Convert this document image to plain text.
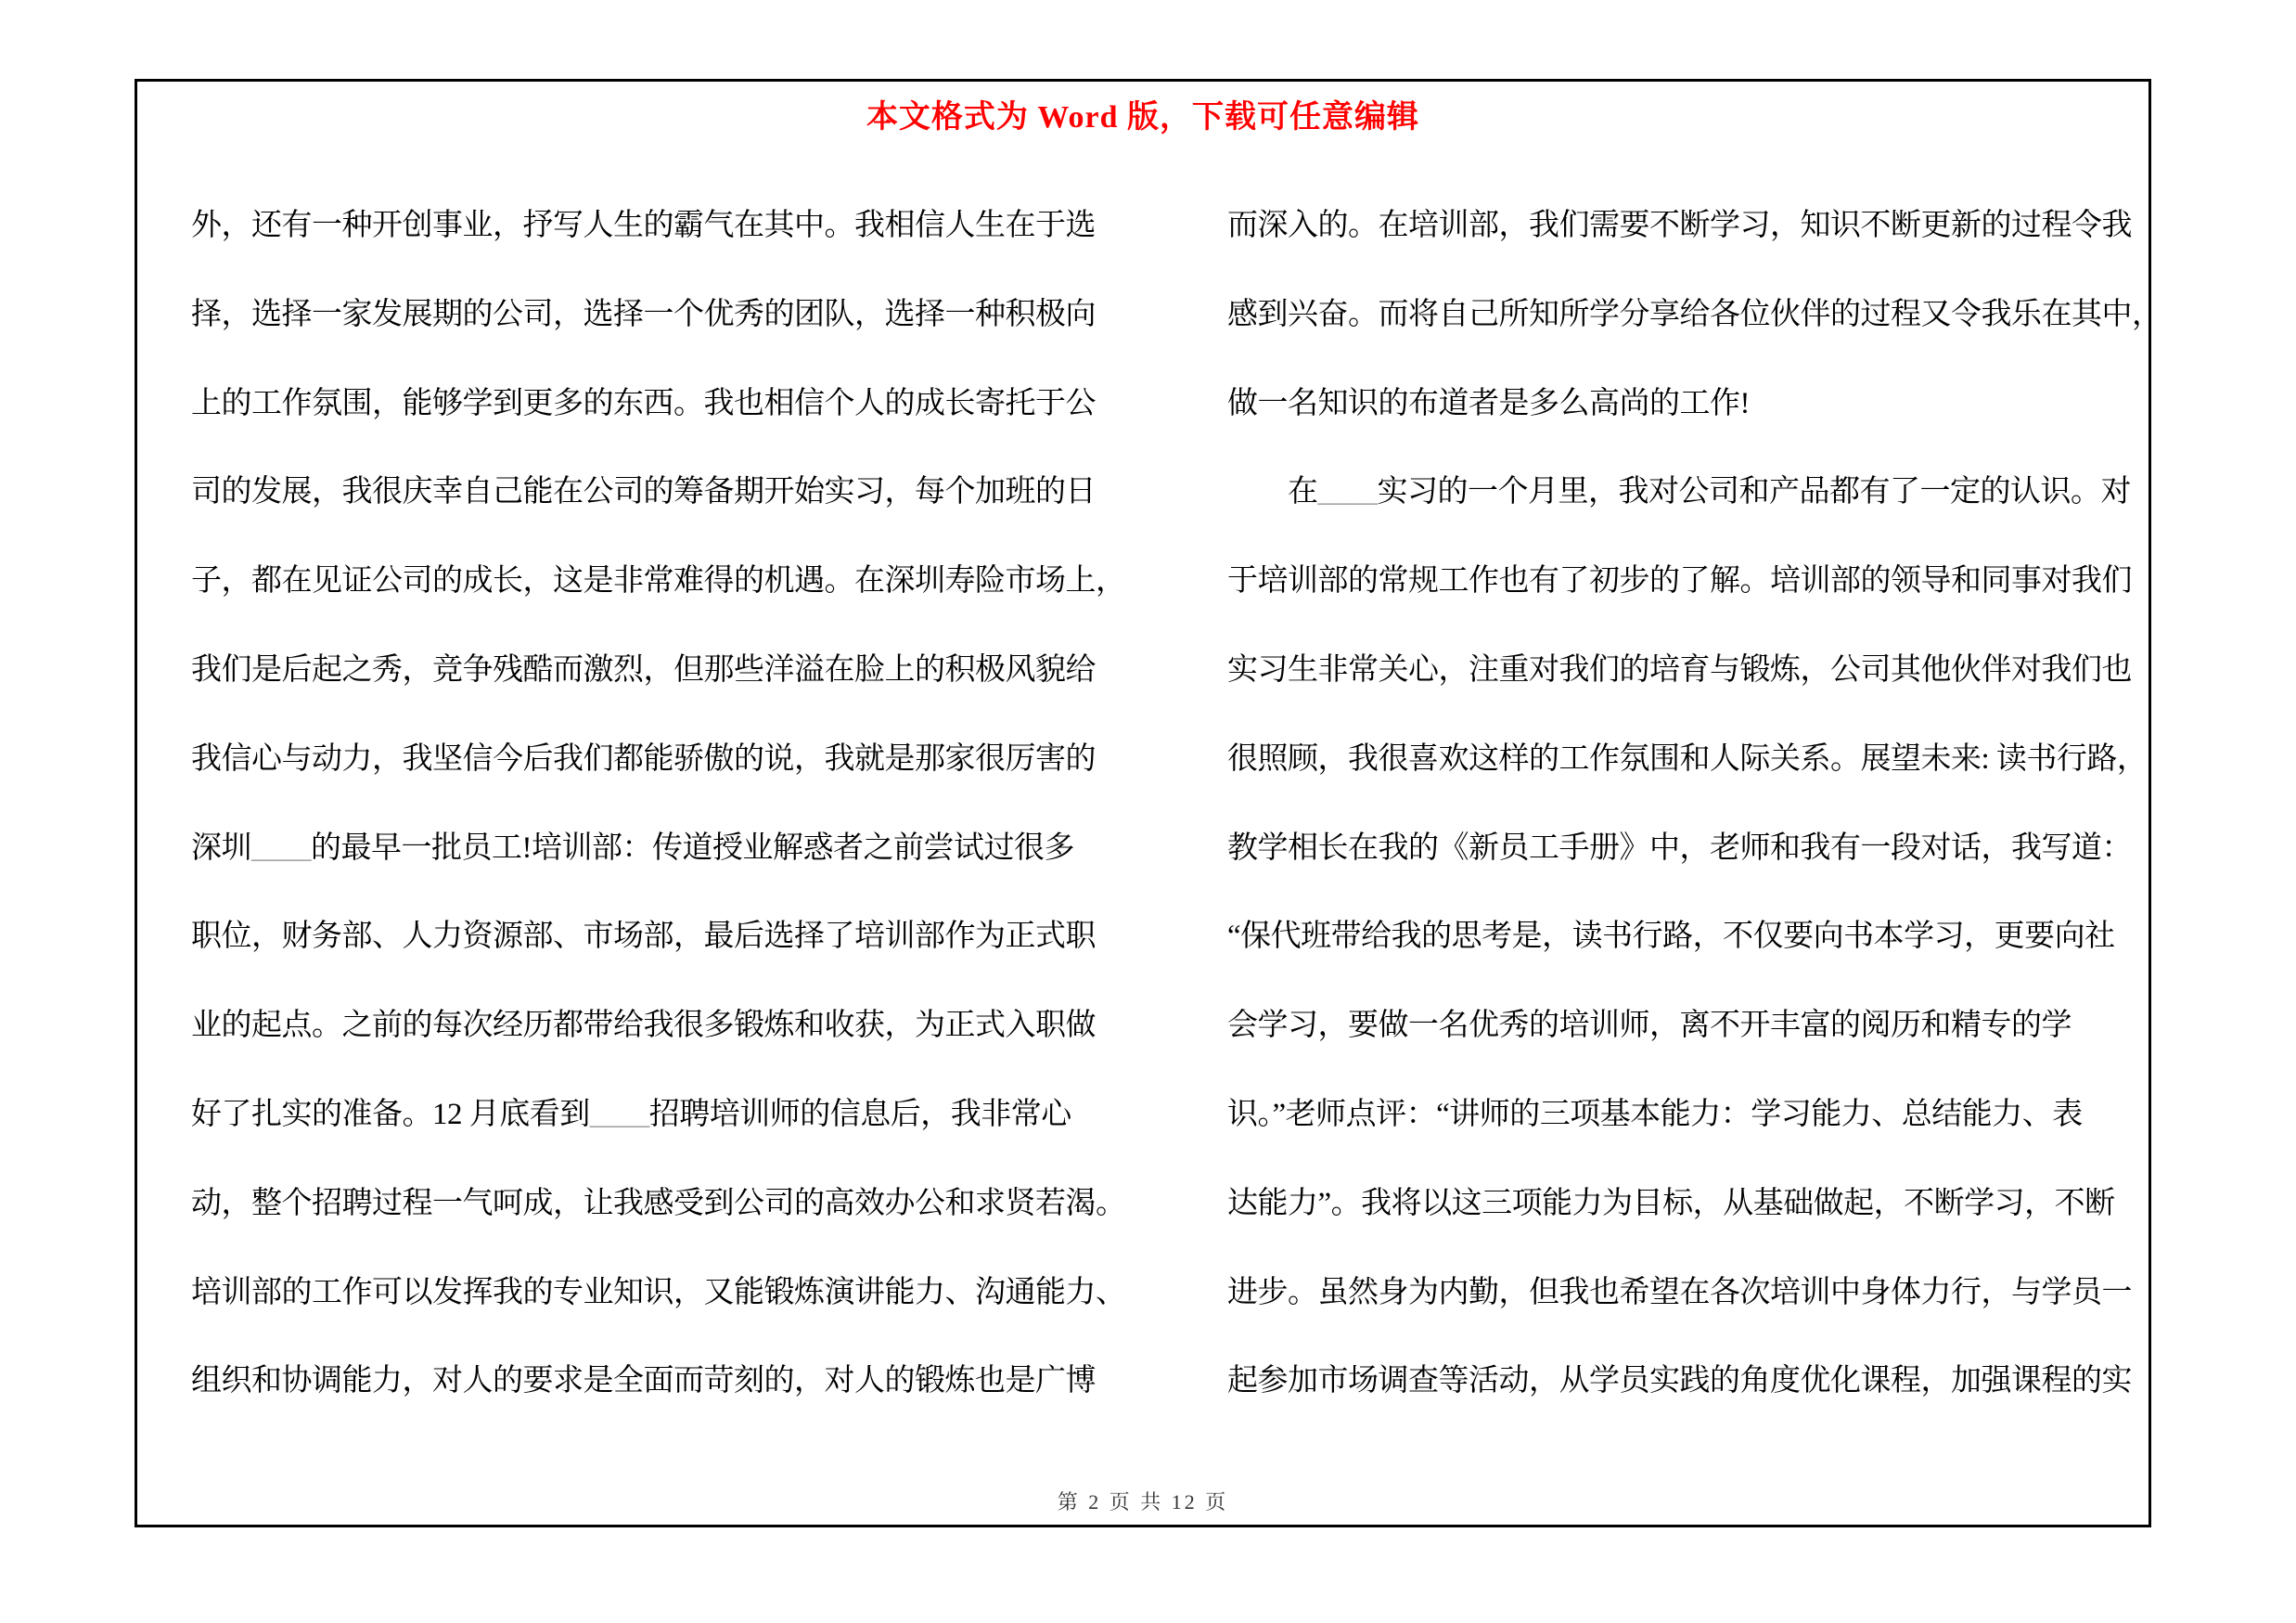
本文格式为 Word 版，下载可任意编辑
外，还有一种开创事业，抒写人生的霸气在其中。我相信人生在于选
择，选择一家发展期的公司，选择一个优秀的团队，选择一种积极向
上的工作氛围，能够学到更多的东西。我也相信个人的成长寄托于公
司的发展，我很庆幸自己能在公司的筹备期开始实习，每个加班的日
子，都在见证公司的成长，这是非常难得的机遇。在深圳寿险市场上，
我们是后起之秀，竞争残酷而激烈，但那些洋溢在脸上的积极风貌给
我信心与动力，我坚信今后我们都能骄傲的说，我就是那家很厉害的
深圳____的最早一批员工!培训部：传道授业解惑者之前尝试过很多
职位，财务部、人力资源部、市场部，最后选择了培训部作为正式职
业的起点。之前的每次经历都带给我很多锻炼和收获，为正式入职做
好了扎实的准备。12 月底看到____招聘培训师的信息后，我非常心
动，整个招聘过程一气呵成，让我感受到公司的高效办公和求贤若渴。
培训部的工作可以发挥我的专业知识，又能锻炼演讲能力、沟通能力、
组织和协调能力，对人的要求是全面而苛刻的，对人的锻炼也是广博
而深入的。在培训部，我们需要不断学习，知识不断更新的过程令我
感到兴奋。而将自己所知所学分享给各位伙伴的过程又令我乐在其中，
做一名知识的布道者是多么高尚的工作!
　　在____实习的一个月里，我对公司和产品都有了一定的认识。对
于培训部的常规工作也有了初步的了解。培训部的领导和同事对我们
实习生非常关心，注重对我们的培育与锻炼，公司其他伙伴对我们也
很照顾，我很喜欢这样的工作氛围和人际关系。展望未来: 读书行路，
教学相长在我的《新员工手册》中，老师和我有一段对话，我写道：
“保代班带给我的思考是，读书行路，不仅要向书本学习，更要向社
会学习，要做一名优秀的培训师，离不开丰富的阅历和精专的学
识。”老师点评：“讲师的三项基本能力：学习能力、总结能力、表
达能力”。我将以这三项能力为目标，从基础做起，不断学习，不断
进步。虽然身为内勤，但我也希望在各次培训中身体力行，与学员一
起参加市场调查等活动，从学员实践的角度优化课程，加强课程的实
第 2 页 共 12 页
